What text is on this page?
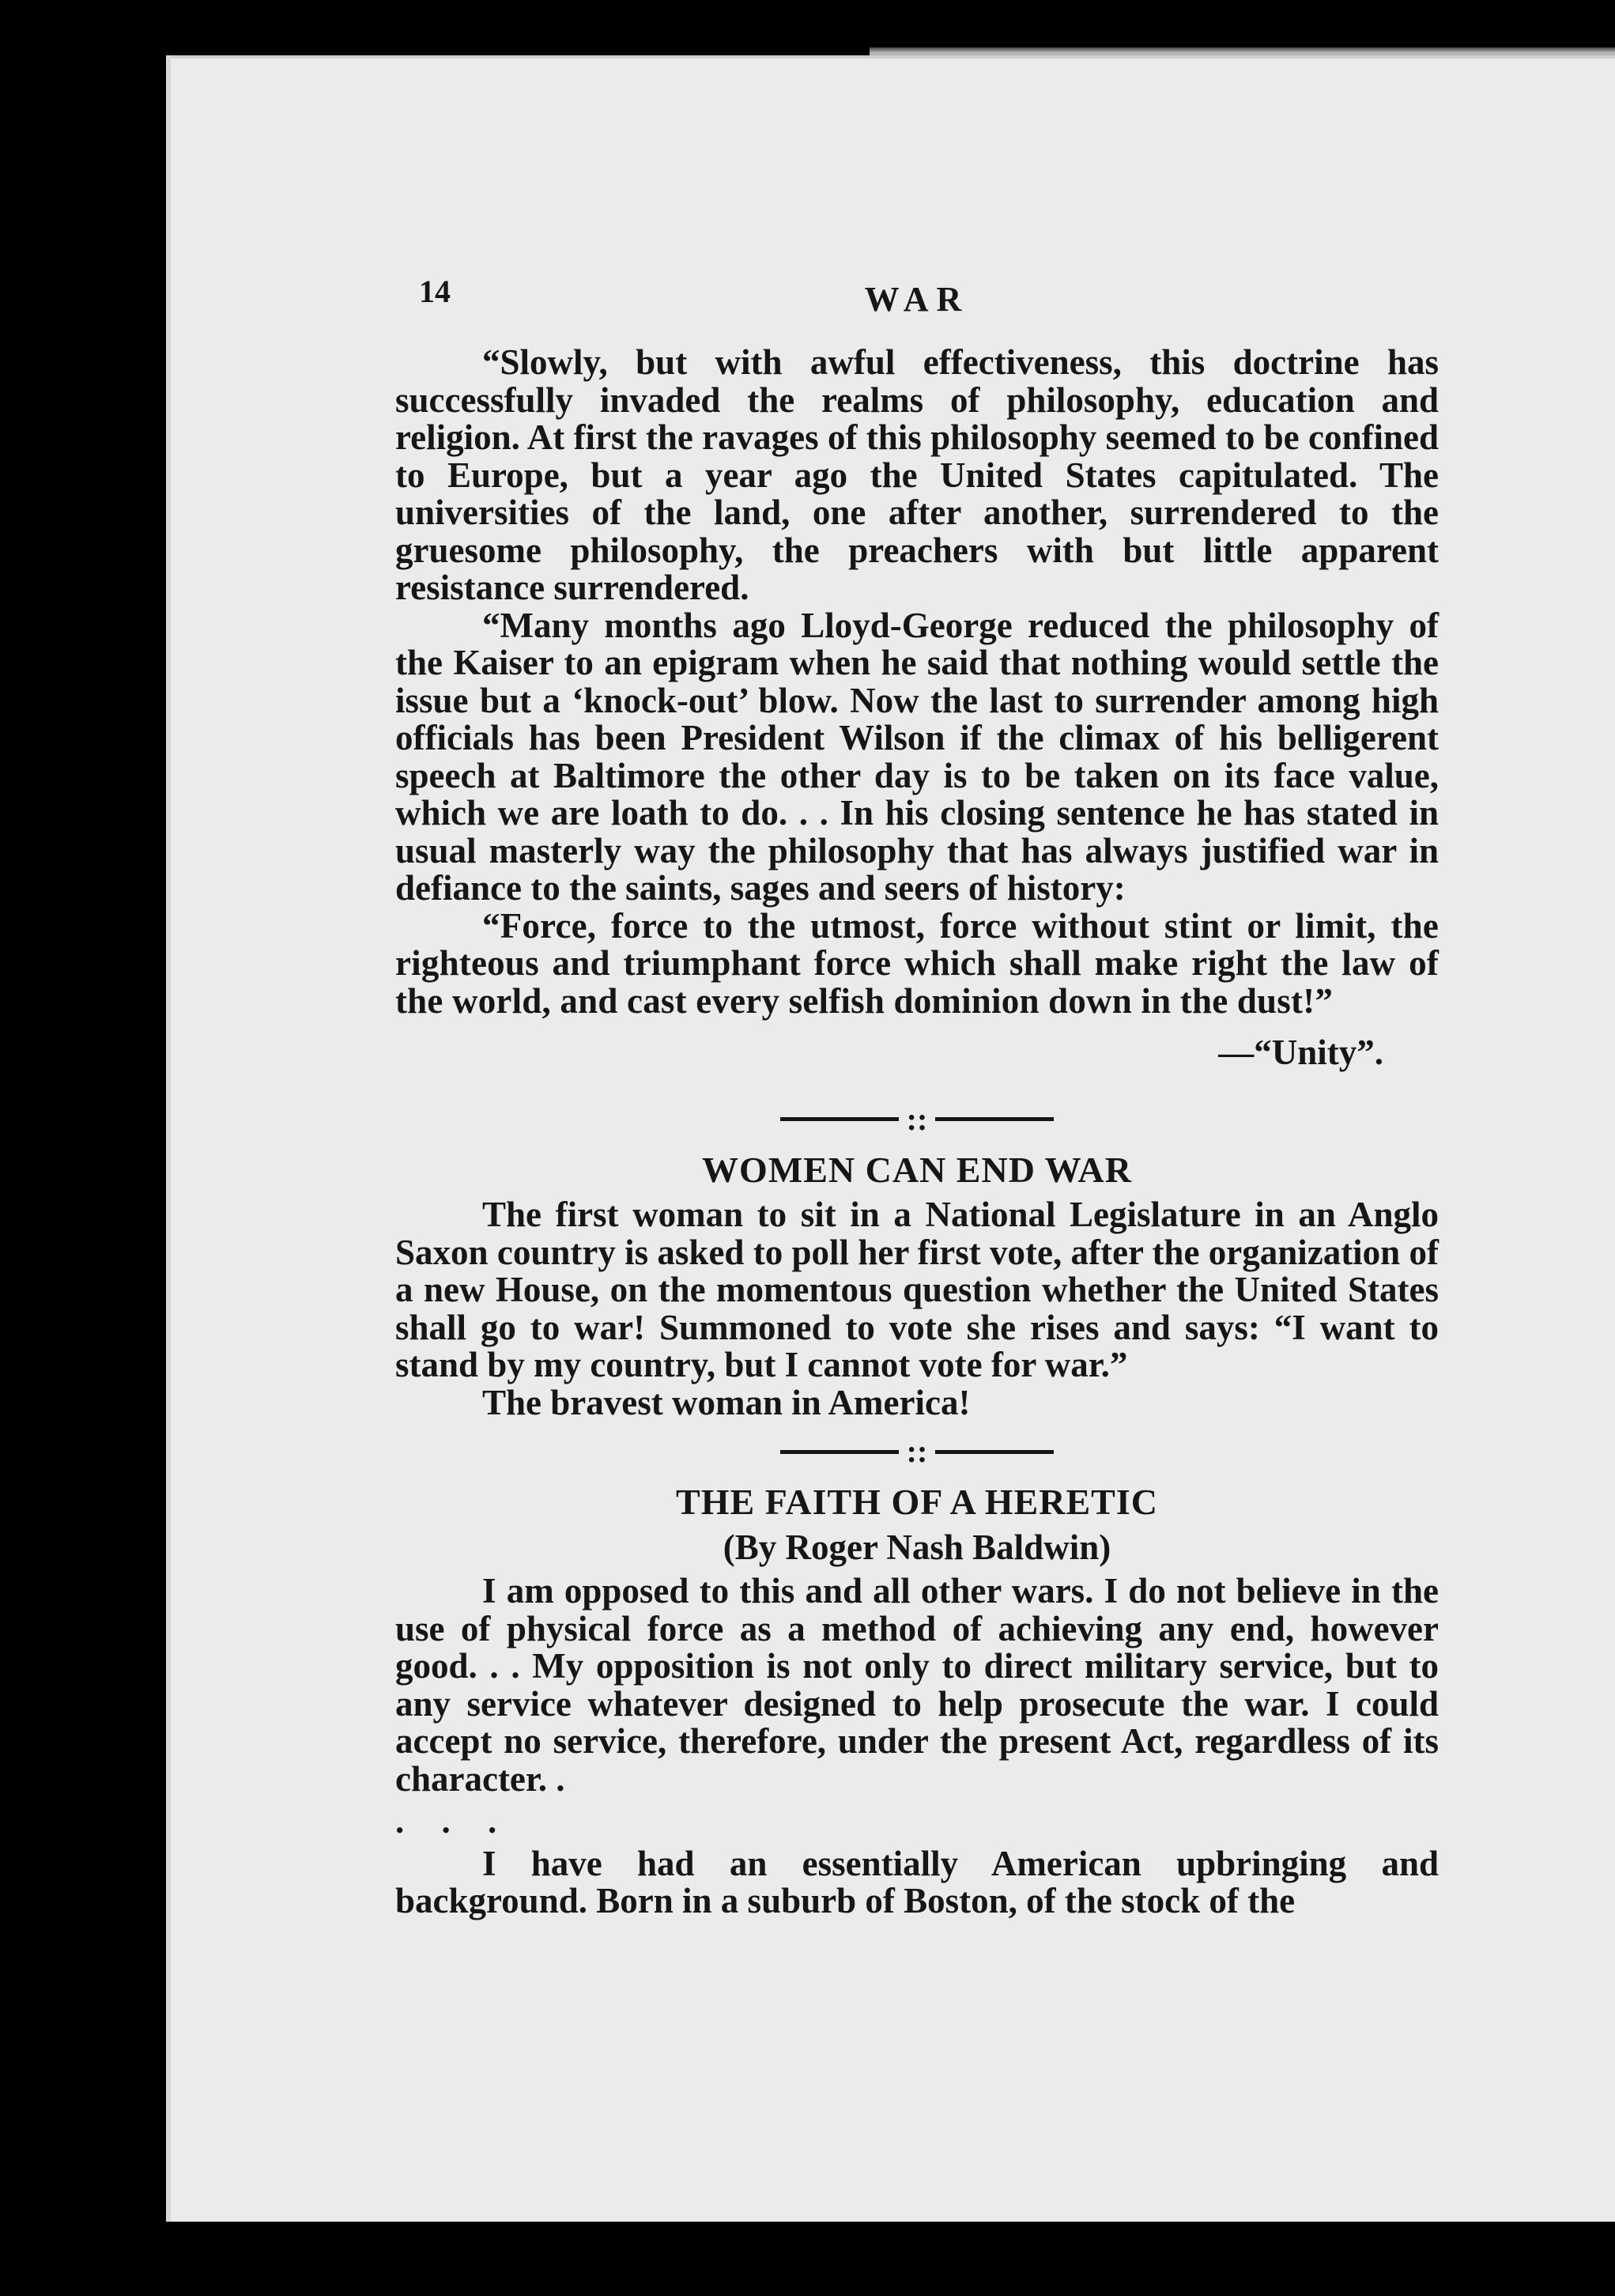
14	WAR

“Slowly, but with awful effectiveness, this doctrine has successfully invaded the realms of philosophy, education and religion. At first the ravages of this philosophy seemed to be confined to Europe, but a year ago the United States capitulated. The universities of the land, one after another, surrendered to the gruesome philosophy, the preachers with but little apparent resistance surrendered.

“Many months ago Lloyd-George reduced the philosophy of the Kaiser to an epigram when he said that nothing would settle the issue but a ‘knock-out’ blow. Now the last to surrender among high officials has been President Wilson if the climax of his belligerent speech at Baltimore the other day is to be taken on its face value, which we are loath to do. . . In his closing sentence he has stated in usual masterly way the philosophy that has always justified war in defiance to the saints, sages and seers of history:

“Force, force to the utmost, force without stint or limit, the righteous and triumphant force which shall make right the law of the world, and cast every selfish dominion down in the dust!”

—“Unity”.
::
WOMEN CAN END WAR

The first woman to sit in a National Legislature in an Anglo Saxon country is asked to poll her first vote, after the organization of a new House, on the momentous question whether the United States shall go to war! Summoned to vote she rises and says: “I want to stand by my country, but I cannot vote for war.”

The bravest woman in America!

::
THE FAITH OF A HERETIC
(By Roger Nash Baldwin)

I am opposed to this and all other wars. I do not believe in the use of physical force as a method of achieving any end, however good. . . My opposition is not only to direct military service, but to any service whatever designed to help prosecute the war. I could accept no service, therefore, under the present Act, regardless of its character. .

. . .

I have had an essentially American upbringing and background. Born in a suburb of Boston, of the stock of the
